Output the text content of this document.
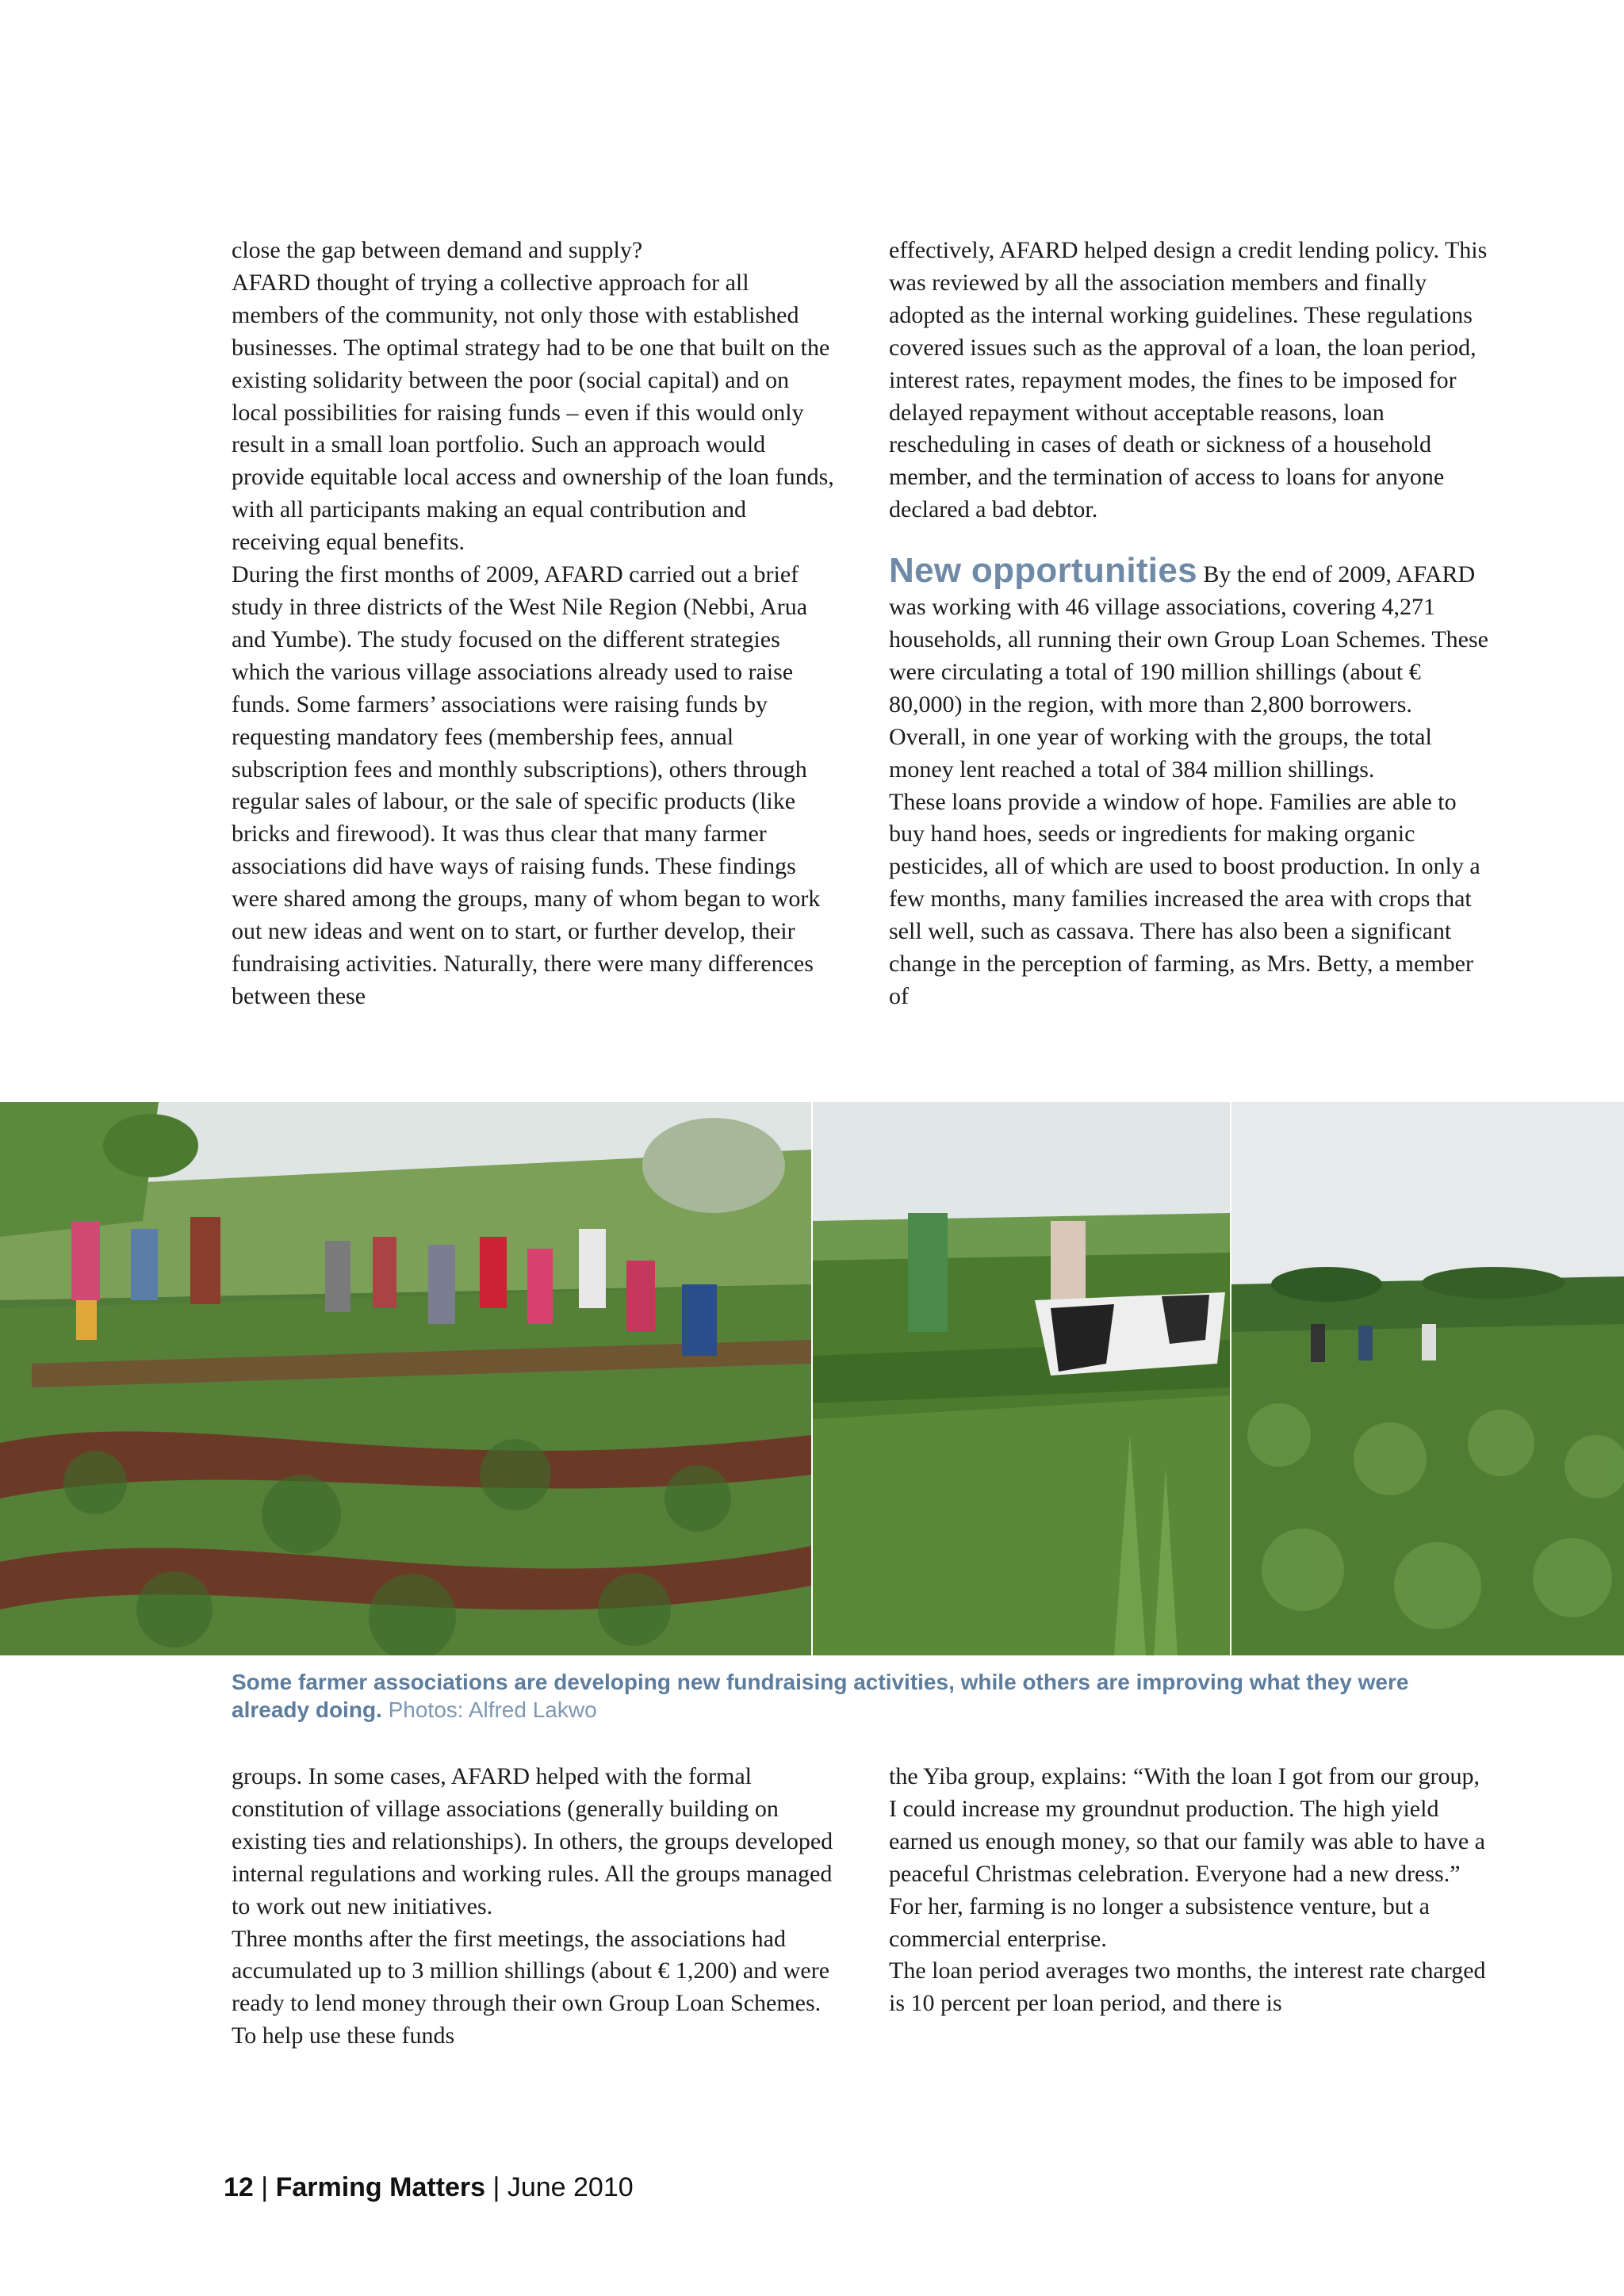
close the gap between demand and supply?

AFARD thought of trying a collective approach for all members of the community, not only those with established businesses. The optimal strategy had to be one that built on the existing solidarity between the poor (social capital) and on local possibilities for raising funds – even if this would only result in a small loan portfolio. Such an approach would provide equitable local access and ownership of the loan funds, with all participants making an equal contribution and receiving equal benefits.

During the first months of 2009, AFARD carried out a brief study in three districts of the West Nile Region (Nebbi, Arua and Yumbe). The study focused on the different strategies which the various village associations already used to raise funds. Some farmers’ associations were raising funds by requesting mandatory fees (membership fees, annual subscription fees and monthly subscriptions), others through regular sales of labour, or the sale of specific products (like bricks and firewood). It was thus clear that many farmer associations did have ways of raising funds. These findings were shared among the groups, many of whom began to work out new ideas and went on to start, or further develop, their fundraising activities. Naturally, there were many differences between these

effectively, AFARD helped design a credit lending policy. This was reviewed by all the association members and finally adopted as the internal working guidelines. These regulations covered issues such as the approval of a loan, the loan period, interest rates, repayment modes, the fines to be imposed for delayed repayment without acceptable reasons, loan rescheduling in cases of death or sickness of a household member, and the termination of access to loans for anyone declared a bad debtor.

New opportunities By the end of 2009, AFARD was working with 46 village associations, covering 4,271 households, all running their own Group Loan Schemes. These were circulating a total of 190 million shillings (about € 80,000) in the region, with more than 2,800 borrowers. Overall, in one year of working with the groups, the total money lent reached a total of 384 million shillings.

These loans provide a window of hope. Families are able to buy hand hoes, seeds or ingredients for making organic pesticides, all of which are used to boost production. In only a few months, many families increased the area with crops that sell well, such as cassava. There has also been a significant change in the perception of farming, as Mrs. Betty, a member of

Some farmer associations are developing new fundraising activities, while others are improving what they were already doing. Photos: Alfred Lakwo

groups. In some cases, AFARD helped with the formal constitution of village associations (generally building on existing ties and relationships). In others, the groups developed internal regulations and working rules. All the groups managed to work out new initiatives.

Three months after the first meetings, the associations had accumulated up to 3 million shillings (about € 1,200) and were ready to lend money through their own Group Loan Schemes. To help use these funds

the Yiba group, explains: “With the loan I got from our group, I could increase my groundnut production. The high yield earned us enough money, so that our family was able to have a peaceful Christmas celebration. Everyone had a new dress.” For her, farming is no longer a subsistence venture, but a commercial enterprise.

The loan period averages two months, the interest rate charged is 10 percent per loan period, and there is

12 | Farming Matters | June 2010
